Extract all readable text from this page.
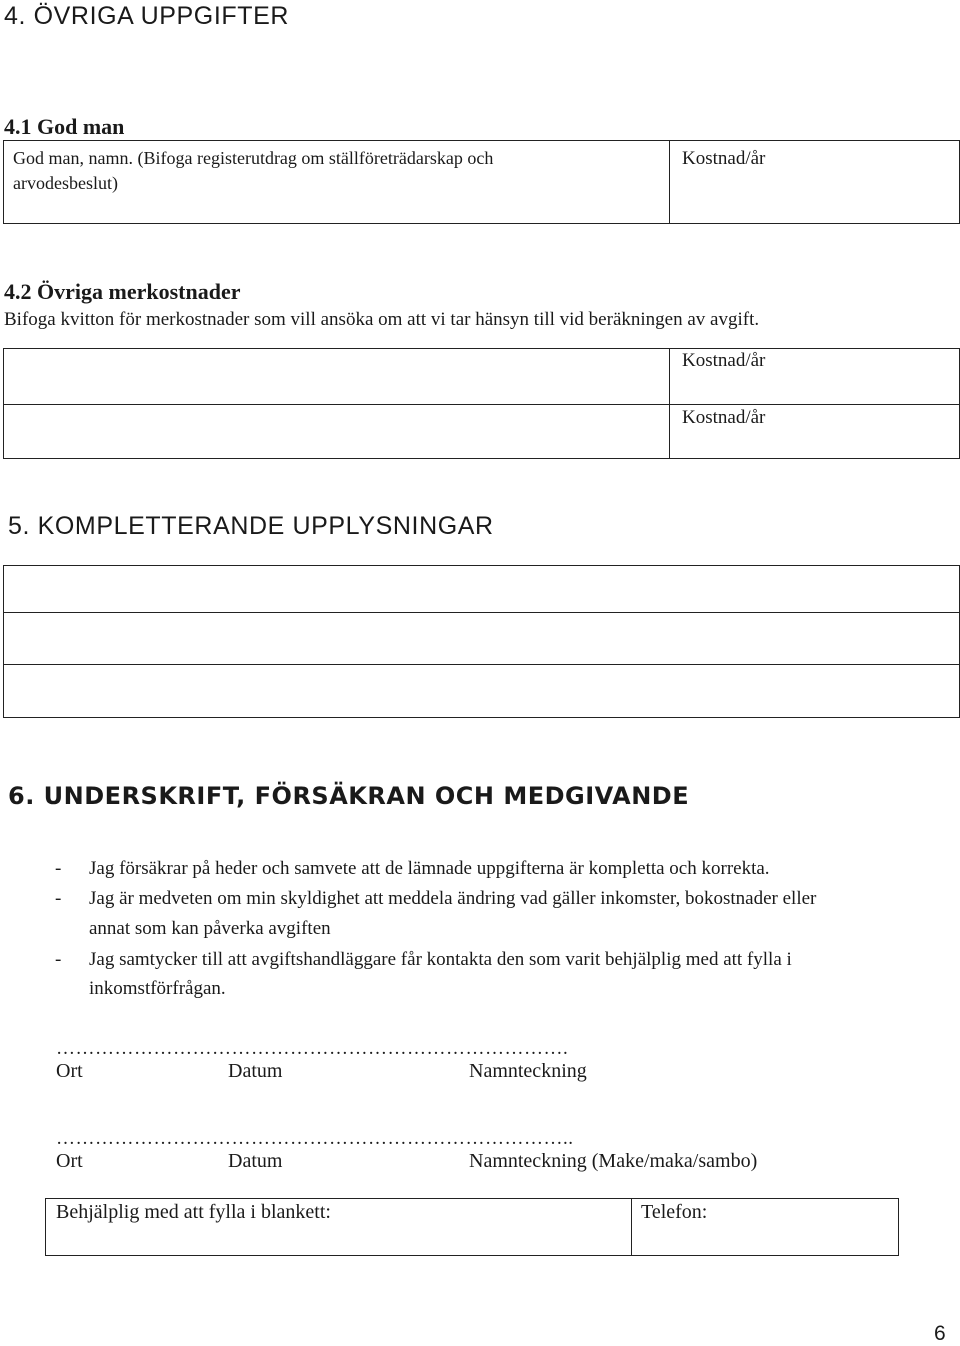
4. ÖVRIGA UPPGIFTER
4.1 God man
God man, namn. (Bifoga registerutdrag om ställföreträdarskap och
arvodesbeslut)
Kostnad/år
4.2 Övriga merkostnader
Bifoga kvitton för merkostnader som vill ansöka om att vi tar hänsyn till vid beräkningen av avgift.
Kostnad/år
Kostnad/år
5. KOMPLETTERANDE UPPLYSNINGAR
6. UNDERSKRIFT, FÖRSÄKRAN OCH MEDGIVANDE
- Jag försäkrar på heder och samvete att de lämnade uppgifterna är kompletta och korrekta.
- Jag är medveten om min skyldighet att meddela ändring vad gäller inkomster, bokostnader eller
annat som kan påverka avgiften
- Jag samtycker till att avgiftshandläggare får kontakta den som varit behjälplig med att fylla i
inkomstförfrågan.
…………………………………………………………………….
Ort	Datum	Namnteckning
……………………………………………………………………..
Ort	Datum	Namnteckning (Make/maka/sambo)
Behjälplig med att fylla i blankett:	Telefon:
6
